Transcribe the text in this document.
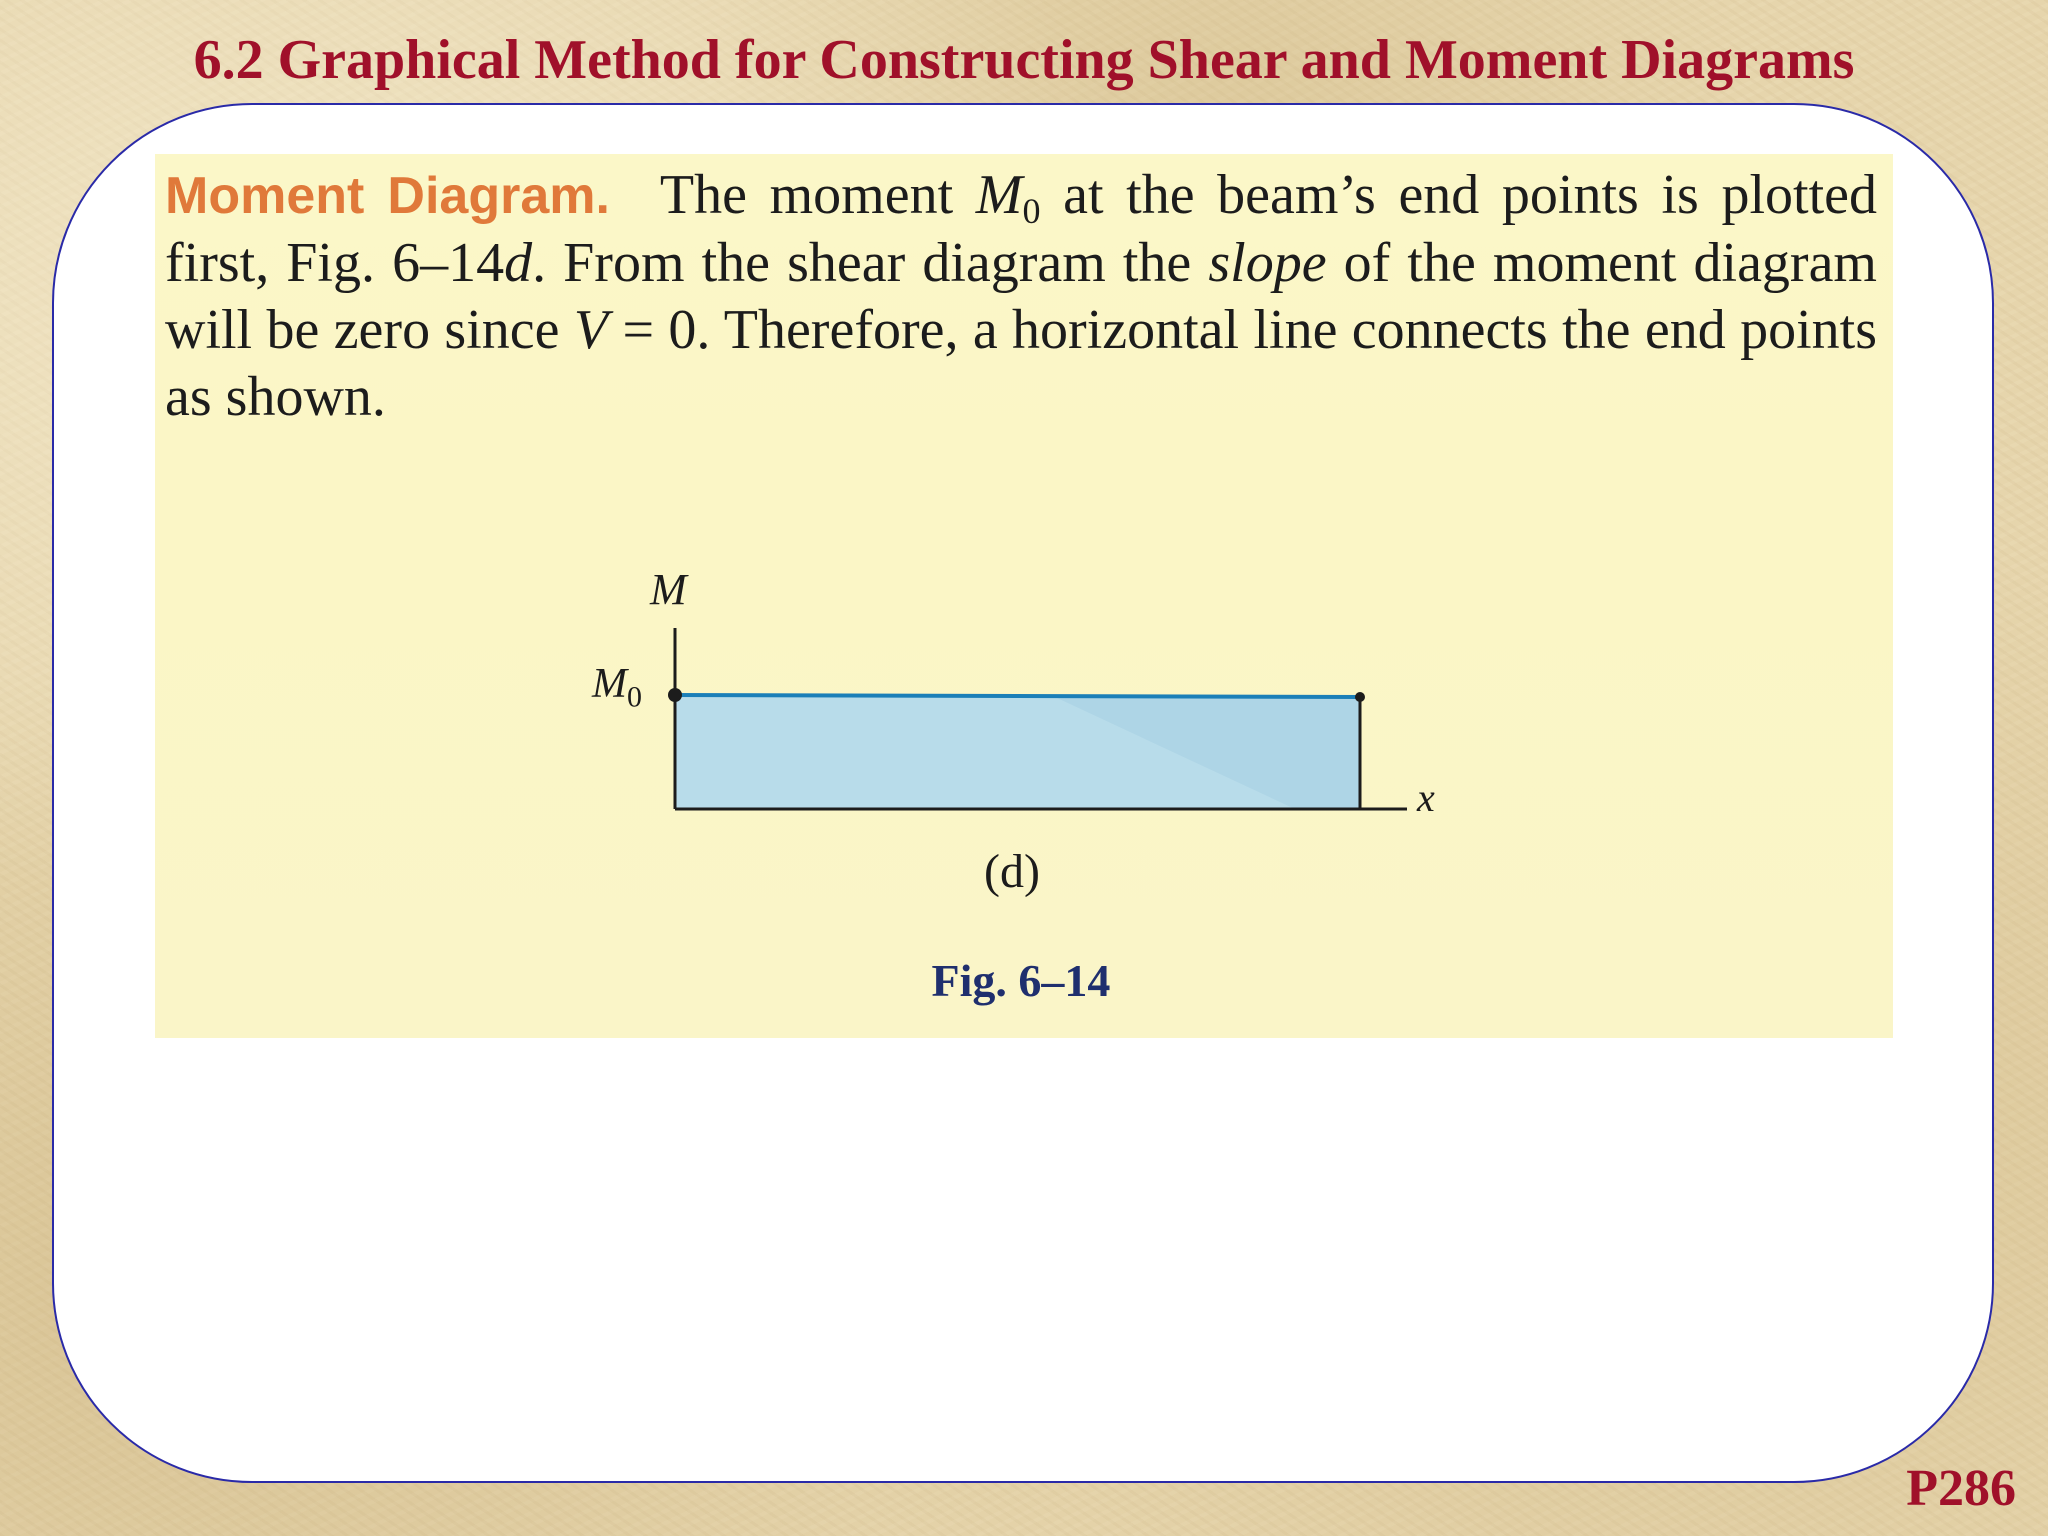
6.2 Graphical Method for Constructing Shear and Moment Diagrams

Moment Diagram. The moment $M_0$ at the beam’s end points is plotted first, Fig. 6–14d. From the shear diagram the slope of the moment diagram will be zero since V = 0. Therefore, a horizontal line connects the end points as shown.

M
$M_0$
x
(d)
Fig. 6–14
P286
